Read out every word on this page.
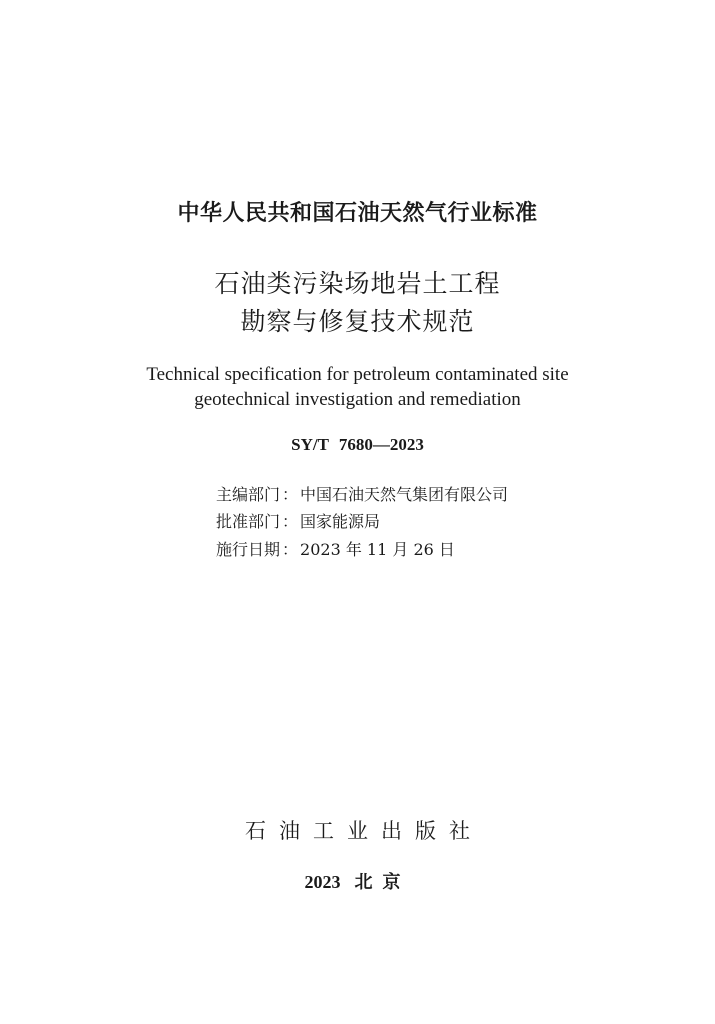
中华人民共和国石油天然气行业标准
石油类污染场地岩土工程
勘察与修复技术规范
Technical specification for petroleum contaminated site
geotechnical investigation and remediation
SY/T 7680—2023
主编部门 ： 中国石油天然气集团有限公司
批准部门 ： 国家能源局
施行日期 ： 2023 年 11 月 26 日
石油工业出版社
2023 北京
